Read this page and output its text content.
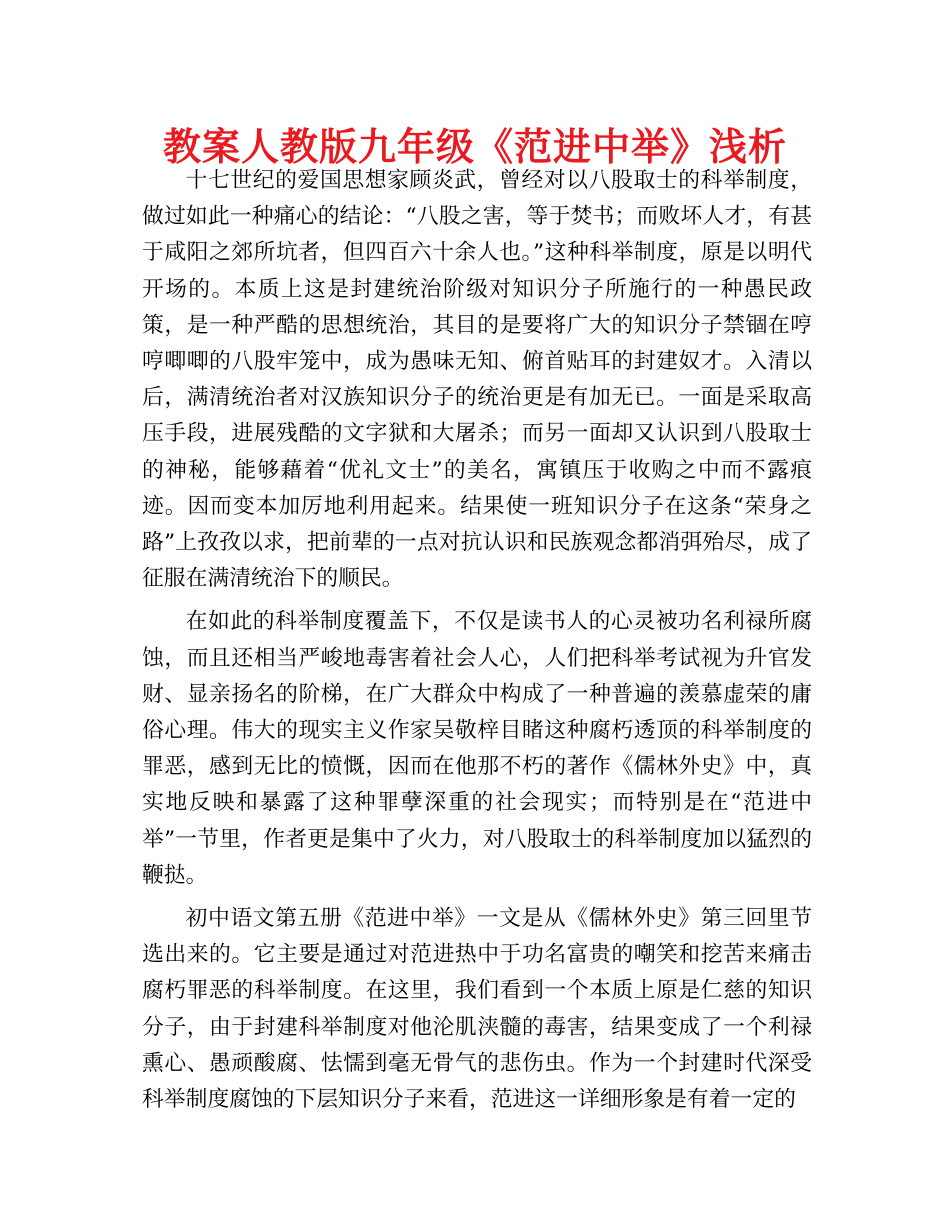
教案人教版九年级《范进中举》浅析

十七世纪的爱国思想家顾炎武，曾经对以八股取士的科举制度，做过如此一种痛心的结论：“八股之害，等于焚书；而败坏人才，有甚于咸阳之郊所坑者，但四百六十余人也。”这种科举制度，原是以明代开场的。本质上这是封建统治阶级对知识分子所施行的一种愚民政策，是一种严酷的思想统治，其目的是要将广大的知识分子禁锢在哼哼唧唧的八股牢笼中，成为愚味无知、俯首贴耳的封建奴才。入清以后，满清统治者对汉族知识分子的统治更是有加无已。一面是采取高压手段，进展残酷的文字狱和大屠杀；而另一面却又认识到八股取士的神秘，能够藉着“优礼文士”的美名，寓镇压于收购之中而不露痕迹。因而变本加厉地利用起来。结果使一班知识分子在这条“荣身之路”上孜孜以求，把前辈的一点对抗认识和民族观念都消弭殆尽，成了征服在满清统治下的顺民。

在如此的科举制度覆盖下，不仅是读书人的心灵被功名利禄所腐蚀，而且还相当严峻地毒害着社会人心，人们把科举考试视为升官发财、显亲扬名的阶梯，在广大群众中构成了一种普遍的羡慕虚荣的庸俗心理。伟大的现实主义作家吴敬梓目睹这种腐朽透顶的科举制度的罪恶，感到无比的愤慨，因而在他那不朽的著作《儒林外史》中，真实地反映和暴露了这种罪孽深重的社会现实；而特别是在“范进中举”一节里，作者更是集中了火力，对八股取士的科举制度加以猛烈的鞭挞。

初中语文第五册《范进中举》一文是从《儒林外史》第三回里节选出来的。它主要是通过对范进热中于功名富贵的嘲笑和挖苦来痛击腐朽罪恶的科举制度。在这里，我们看到一个本质上原是仁慈的知识分子，由于封建科举制度对他沦肌浃髓的毒害，结果变成了一个利禄熏心、愚顽酸腐、怯懦到毫无骨气的悲伤虫。作为一个封建时代深受科举制度腐蚀的下层知识分子来看，范进这一详细形象是有着一定的
